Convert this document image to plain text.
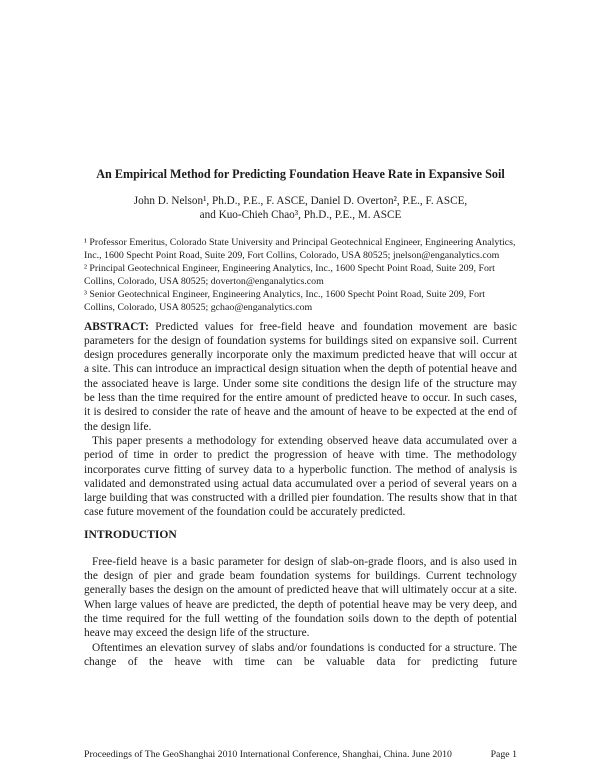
An Empirical Method for Predicting Foundation Heave Rate in Expansive Soil
John D. Nelson¹, Ph.D., P.E., F. ASCE, Daniel D. Overton², P.E., F. ASCE,
and Kuo-Chieh Chao³, Ph.D., P.E., M. ASCE

¹ Professor Emeritus, Colorado State University and Principal Geotechnical Engineer, Engineering Analytics, Inc., 1600 Specht Point Road, Suite 209, Fort Collins, Colorado, USA 80525; jnelson@enganalytics.com

² Principal Geotechnical Engineer, Engineering Analytics, Inc., 1600 Specht Point Road, Suite 209, Fort Collins, Colorado, USA 80525; doverton@enganalytics.com

³ Senior Geotechnical Engineer, Engineering Analytics, Inc., 1600 Specht Point Road, Suite 209, Fort Collins, Colorado, USA 80525; gchao@enganalytics.com

ABSTRACT: Predicted values for free-field heave and foundation movement are basic parameters for the design of foundation systems for buildings sited on expansive soil. Current design procedures generally incorporate only the maximum predicted heave that will occur at a site. This can introduce an impractical design situation when the depth of potential heave and the associated heave is large. Under some site conditions the design life of the structure may be less than the time required for the entire amount of predicted heave to occur. In such cases, it is desired to consider the rate of heave and the amount of heave to be expected at the end of the design life.

This paper presents a methodology for extending observed heave data accumulated over a period of time in order to predict the progression of heave with time. The methodology incorporates curve fitting of survey data to a hyperbolic function. The method of analysis is validated and demonstrated using actual data accumulated over a period of several years on a large building that was constructed with a drilled pier foundation. The results show that in that case future movement of the foundation could be accurately predicted.

INTRODUCTION

Free-field heave is a basic parameter for design of slab-on-grade floors, and is also used in the design of pier and grade beam foundation systems for buildings. Current technology generally bases the design on the amount of predicted heave that will ultimately occur at a site. When large values of heave are predicted, the depth of potential heave may be very deep, and the time required for the full wetting of the foundation soils down to the depth of potential heave may exceed the design life of the structure.

Oftentimes an elevation survey of slabs and/or foundations is conducted for a structure. The change of the heave with time can be valuable data for predicting future

Proceedings of The GeoShanghai 2010 International Conference, Shanghai, China. June 2010	Page 1
